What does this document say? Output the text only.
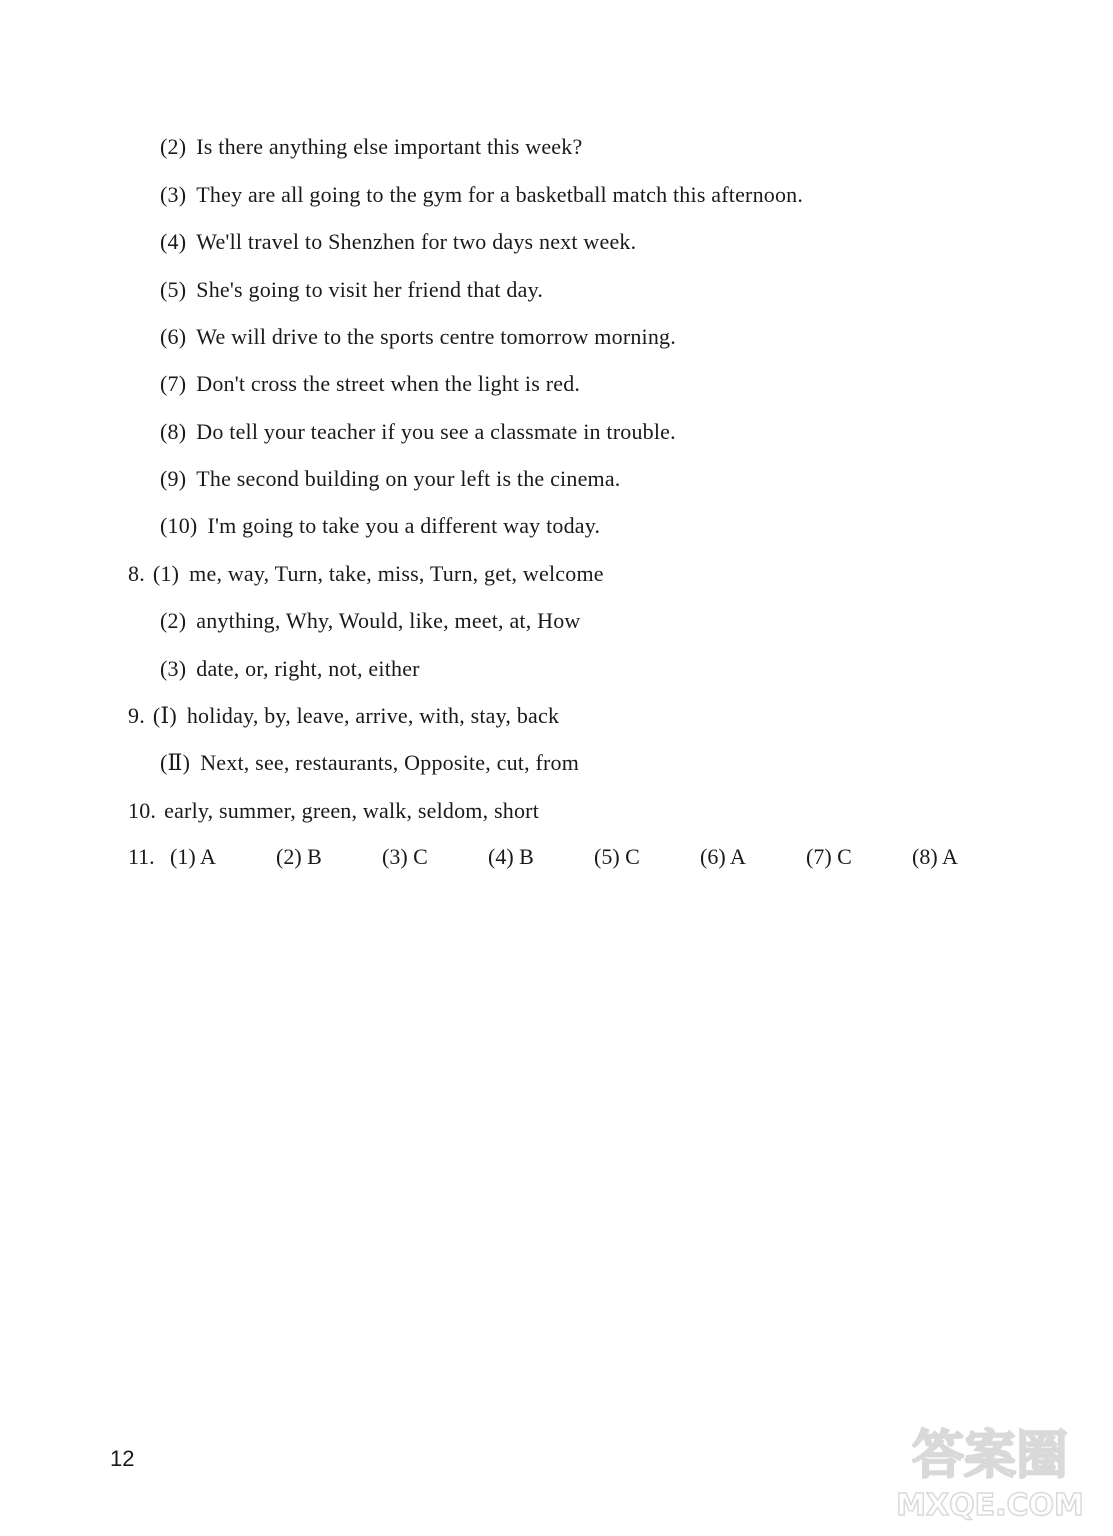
(2) Is there anything else important this week?
(3) They are all going to the gym for a basketball match this afternoon.
(4) We'll travel to Shenzhen for two days next week.
(5) She's going to visit her friend that day.
(6) We will drive to the sports centre tomorrow morning.
(7) Don't cross the street when the light is red.
(8) Do tell your teacher if you see a classmate in trouble.
(9) The second building on your left is the cinema.
(10) I'm going to take you a different way today.
8. (1) me, way, Turn, take, miss, Turn, get, welcome
(2) anything, Why, Would, like, meet, at, How
(3) date, or, right, not, either
9. (Ⅰ) holiday, by, leave, arrive, with, stay, back
(Ⅱ) Next, see, restaurants, Opposite, cut, from
10. early, summer, green, walk, seldom, short
11. (1) A	(2) B	(3) C	(4) B	(5) C	(6) A	(7) C	(8) A
12	答案圈
MXQE.COM
